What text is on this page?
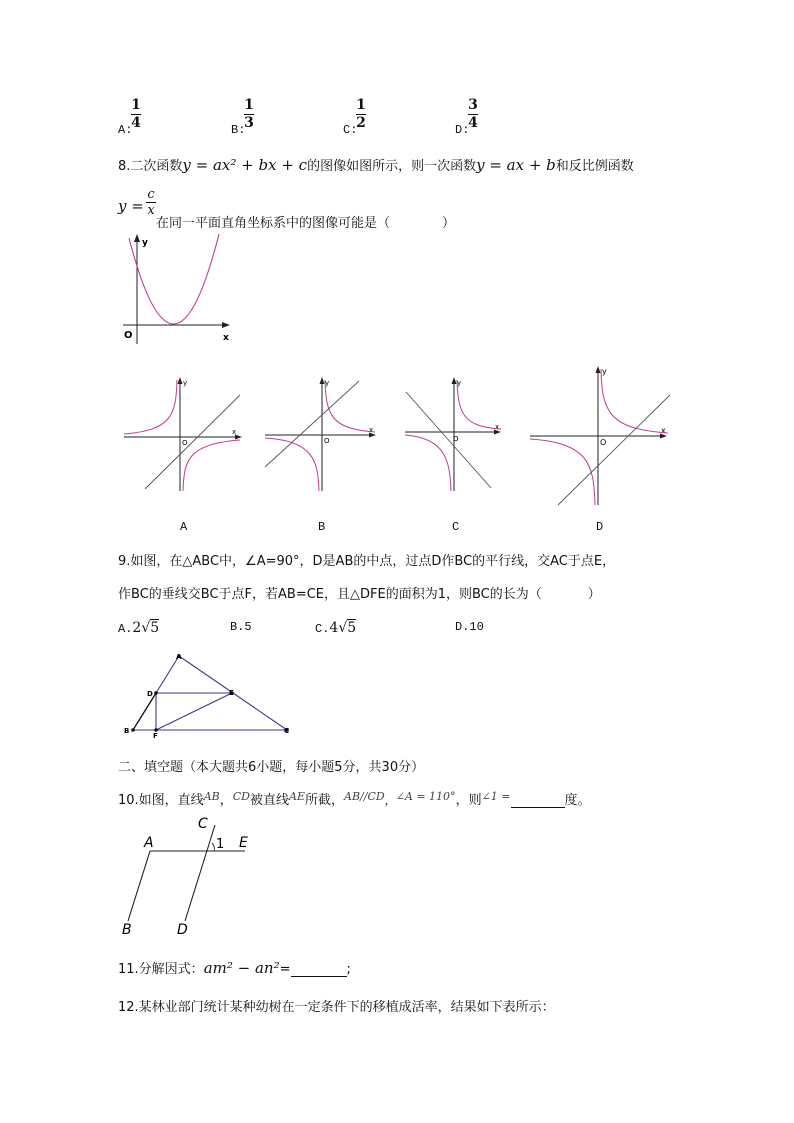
A:
1
4	B:
1
3	C:
1
2	D:
3
4
8.二次函数y = ax² + bx + c的图像如图所示，则一次函数y = ax + b和反比例函数
y =
c
x
在同一平面直角坐标系中的图像可能是（	）
y
x
O
y
x
O
y
x
O
y
x
O
y
x
O
A	B	C	D
9.如图，在△ABC中，∠A=90°，D是AB的中点，过点D作BC的平行线，交AC于点E，
作BC的垂线交BC于点F，若AB=CE，且△DFE的面积为1，则BC的长为（	）
A.2√5	B.5	C.4√5	D.10
A
D	E
B
F
C
二、填空题（本大题共6小题，每小题5分，共30分）
10.如图，直线$^{AB}$，$^{CD}$被直线$^{AE}$所截，$^{AB//CD}$，$^{\angle A = 110^\circ}$，则$^{\angle 1 =}$	度。
A	E
C
1
B	D
11.分解因式：am² − an²=	;
12.某林业部门统计某种幼树在一定条件下的移植成活率，结果如下表所示：
